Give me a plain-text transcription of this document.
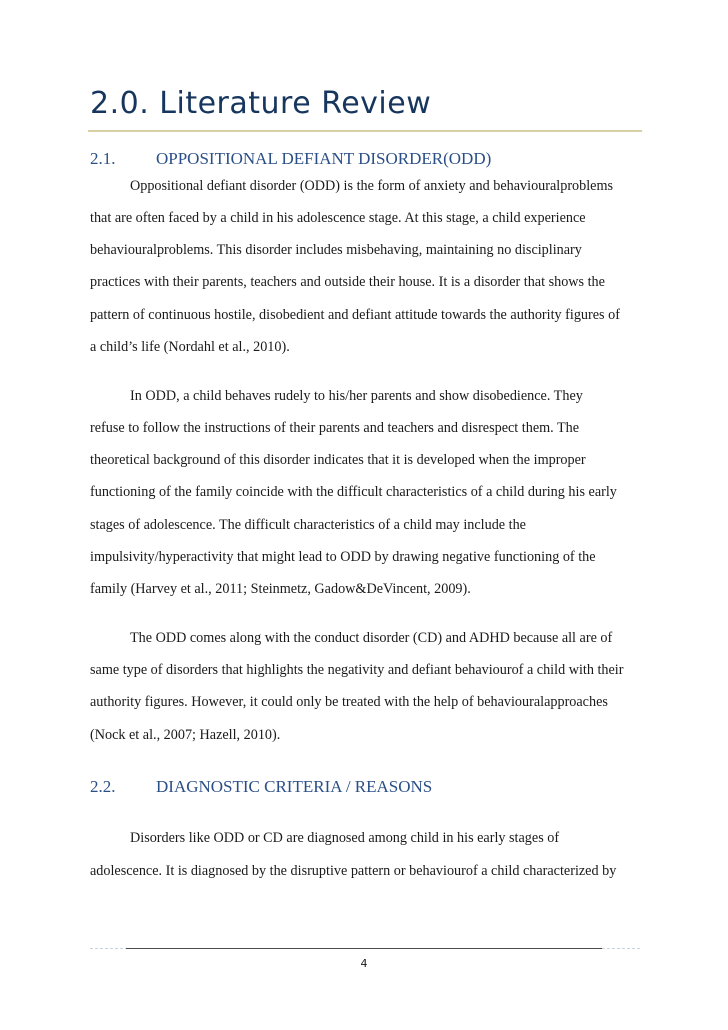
2.0. Literature Review
2.1. OPPOSITIONAL DEFIANT DISORDER(ODD)
Oppositional defiant disorder (ODD) is the form of anxiety and behaviouralproblems
that are often faced by a child in his adolescence stage. At this stage, a child experience
behaviouralproblems. This disorder includes misbehaving, maintaining no disciplinary
practices with their parents, teachers and outside their house. It is a disorder that shows the
pattern of continuous hostile, disobedient and defiant attitude towards the authority figures of
a child’s life (Nordahl et al., 2010).
In ODD, a child behaves rudely to his/her parents and show disobedience. They
refuse to follow the instructions of their parents and teachers and disrespect them. The
theoretical background of this disorder indicates that it is developed when the improper
functioning of the family coincide with the difficult characteristics of a child during his early
stages of adolescence. The difficult characteristics of a child may include the
impulsivity/hyperactivity that might lead to ODD by drawing negative functioning of the
family (Harvey et al., 2011; Steinmetz, Gadow&DeVincent, 2009).
The ODD comes along with the conduct disorder (CD) and ADHD because all are of
same type of disorders that highlights the negativity and defiant behaviourof a child with their
authority figures. However, it could only be treated with the help of behaviouralapproaches
(Nock et al., 2007; Hazell, 2010).
2.2. DIAGNOSTIC CRITERIA / REASONS
Disorders like ODD or CD are diagnosed among child in his early stages of
adolescence. It is diagnosed by the disruptive pattern or behaviourof a child characterized by
4
